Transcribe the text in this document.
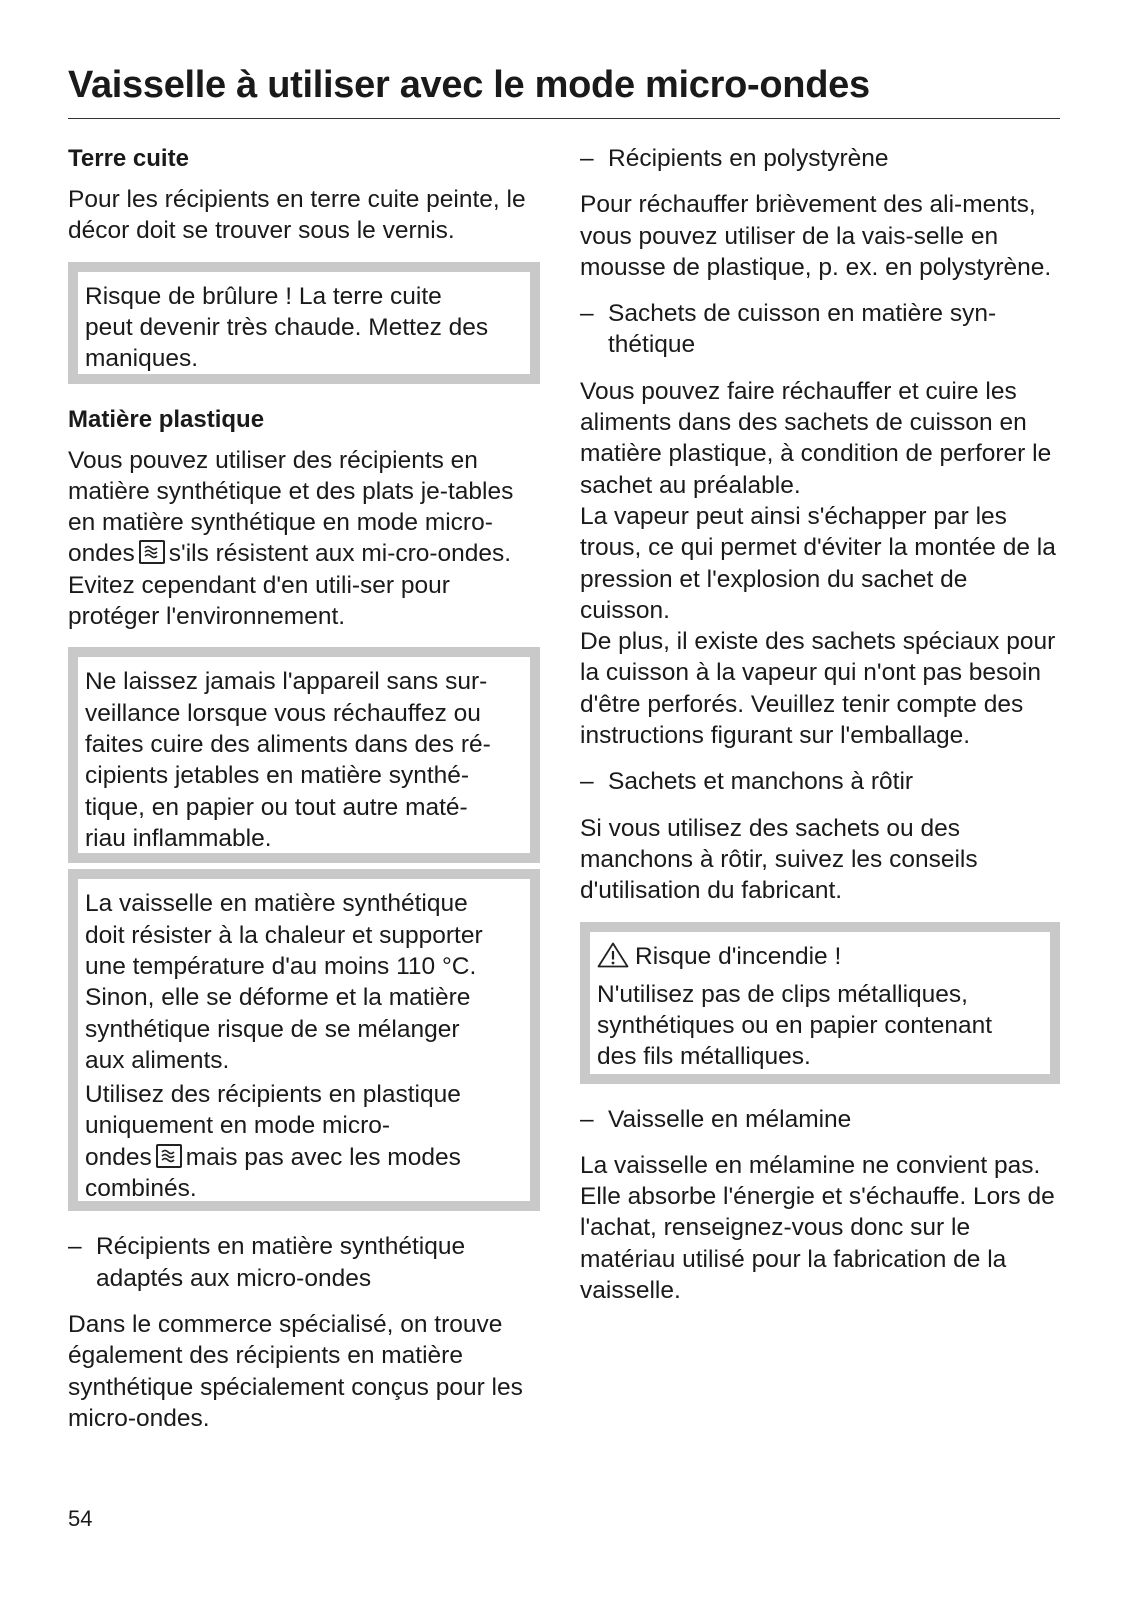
Vaisselle à utiliser avec le mode micro-ondes

Terre cuite

Pour les récipients en terre cuite peinte, le décor doit se trouver sous le vernis.

Risque de brûlure ! La terre cuite
peut devenir très chaude. Mettez des
maniques.

Matière plastique

Vous pouvez utiliser des récipients en matière synthétique et des plats je-tables en matière synthétique en mode micro-ondes s'ils résistent aux mi-cro-ondes. Evitez cependant d'en utili-ser pour protéger l'environnement.

Ne laissez jamais l'appareil sans sur-
veillance lorsque vous réchauffez ou
faites cuire des aliments dans des ré-
cipients jetables en matière synthé-
tique, en papier ou tout autre maté-
riau inflammable.
La vaisselle en matière synthétique
doit résister à la chaleur et supporter
une température d'au moins 110 °C.
Sinon, elle se déforme et la matière
synthétique risque de se mélanger
aux aliments.
Utilisez des récipients en plastique
uniquement en mode micro-
ondes mais pas avec les modes
combinés.
– Récipients en matière synthétique adaptés aux micro-ondes

Dans le commerce spécialisé, on trouve également des récipients en matière synthétique spécialement conçus pour les micro-ondes.

– Récipients en polystyrène

Pour réchauffer brièvement des ali-ments, vous pouvez utiliser de la vais-selle en mousse de plastique, p. ex. en polystyrène.

– Sachets de cuisson en matière syn-thétique

Vous pouvez faire réchauffer et cuire les aliments dans des sachets de cuisson en matière plastique, à condition de perforer le sachet au préalable.

La vapeur peut ainsi s'échapper par les trous, ce qui permet d'éviter la montée de la pression et l'explosion du sachet de cuisson.

De plus, il existe des sachets spéciaux pour la cuisson à la vapeur qui n'ont pas besoin d'être perforés. Veuillez tenir compte des instructions figurant sur l'emballage.

– Sachets et manchons à rôtir

Si vous utilisez des sachets ou des manchons à rôtir, suivez les conseils d'utilisation du fabricant.

Risque d'incendie !
N'utilisez pas de clips métalliques,
synthétiques ou en papier contenant
des fils métalliques.
– Vaisselle en mélamine

La vaisselle en mélamine ne convient pas. Elle absorbe l'énergie et s'échauffe. Lors de l'achat, renseignez-vous donc sur le matériau utilisé pour la fabrication de la vaisselle.

54
